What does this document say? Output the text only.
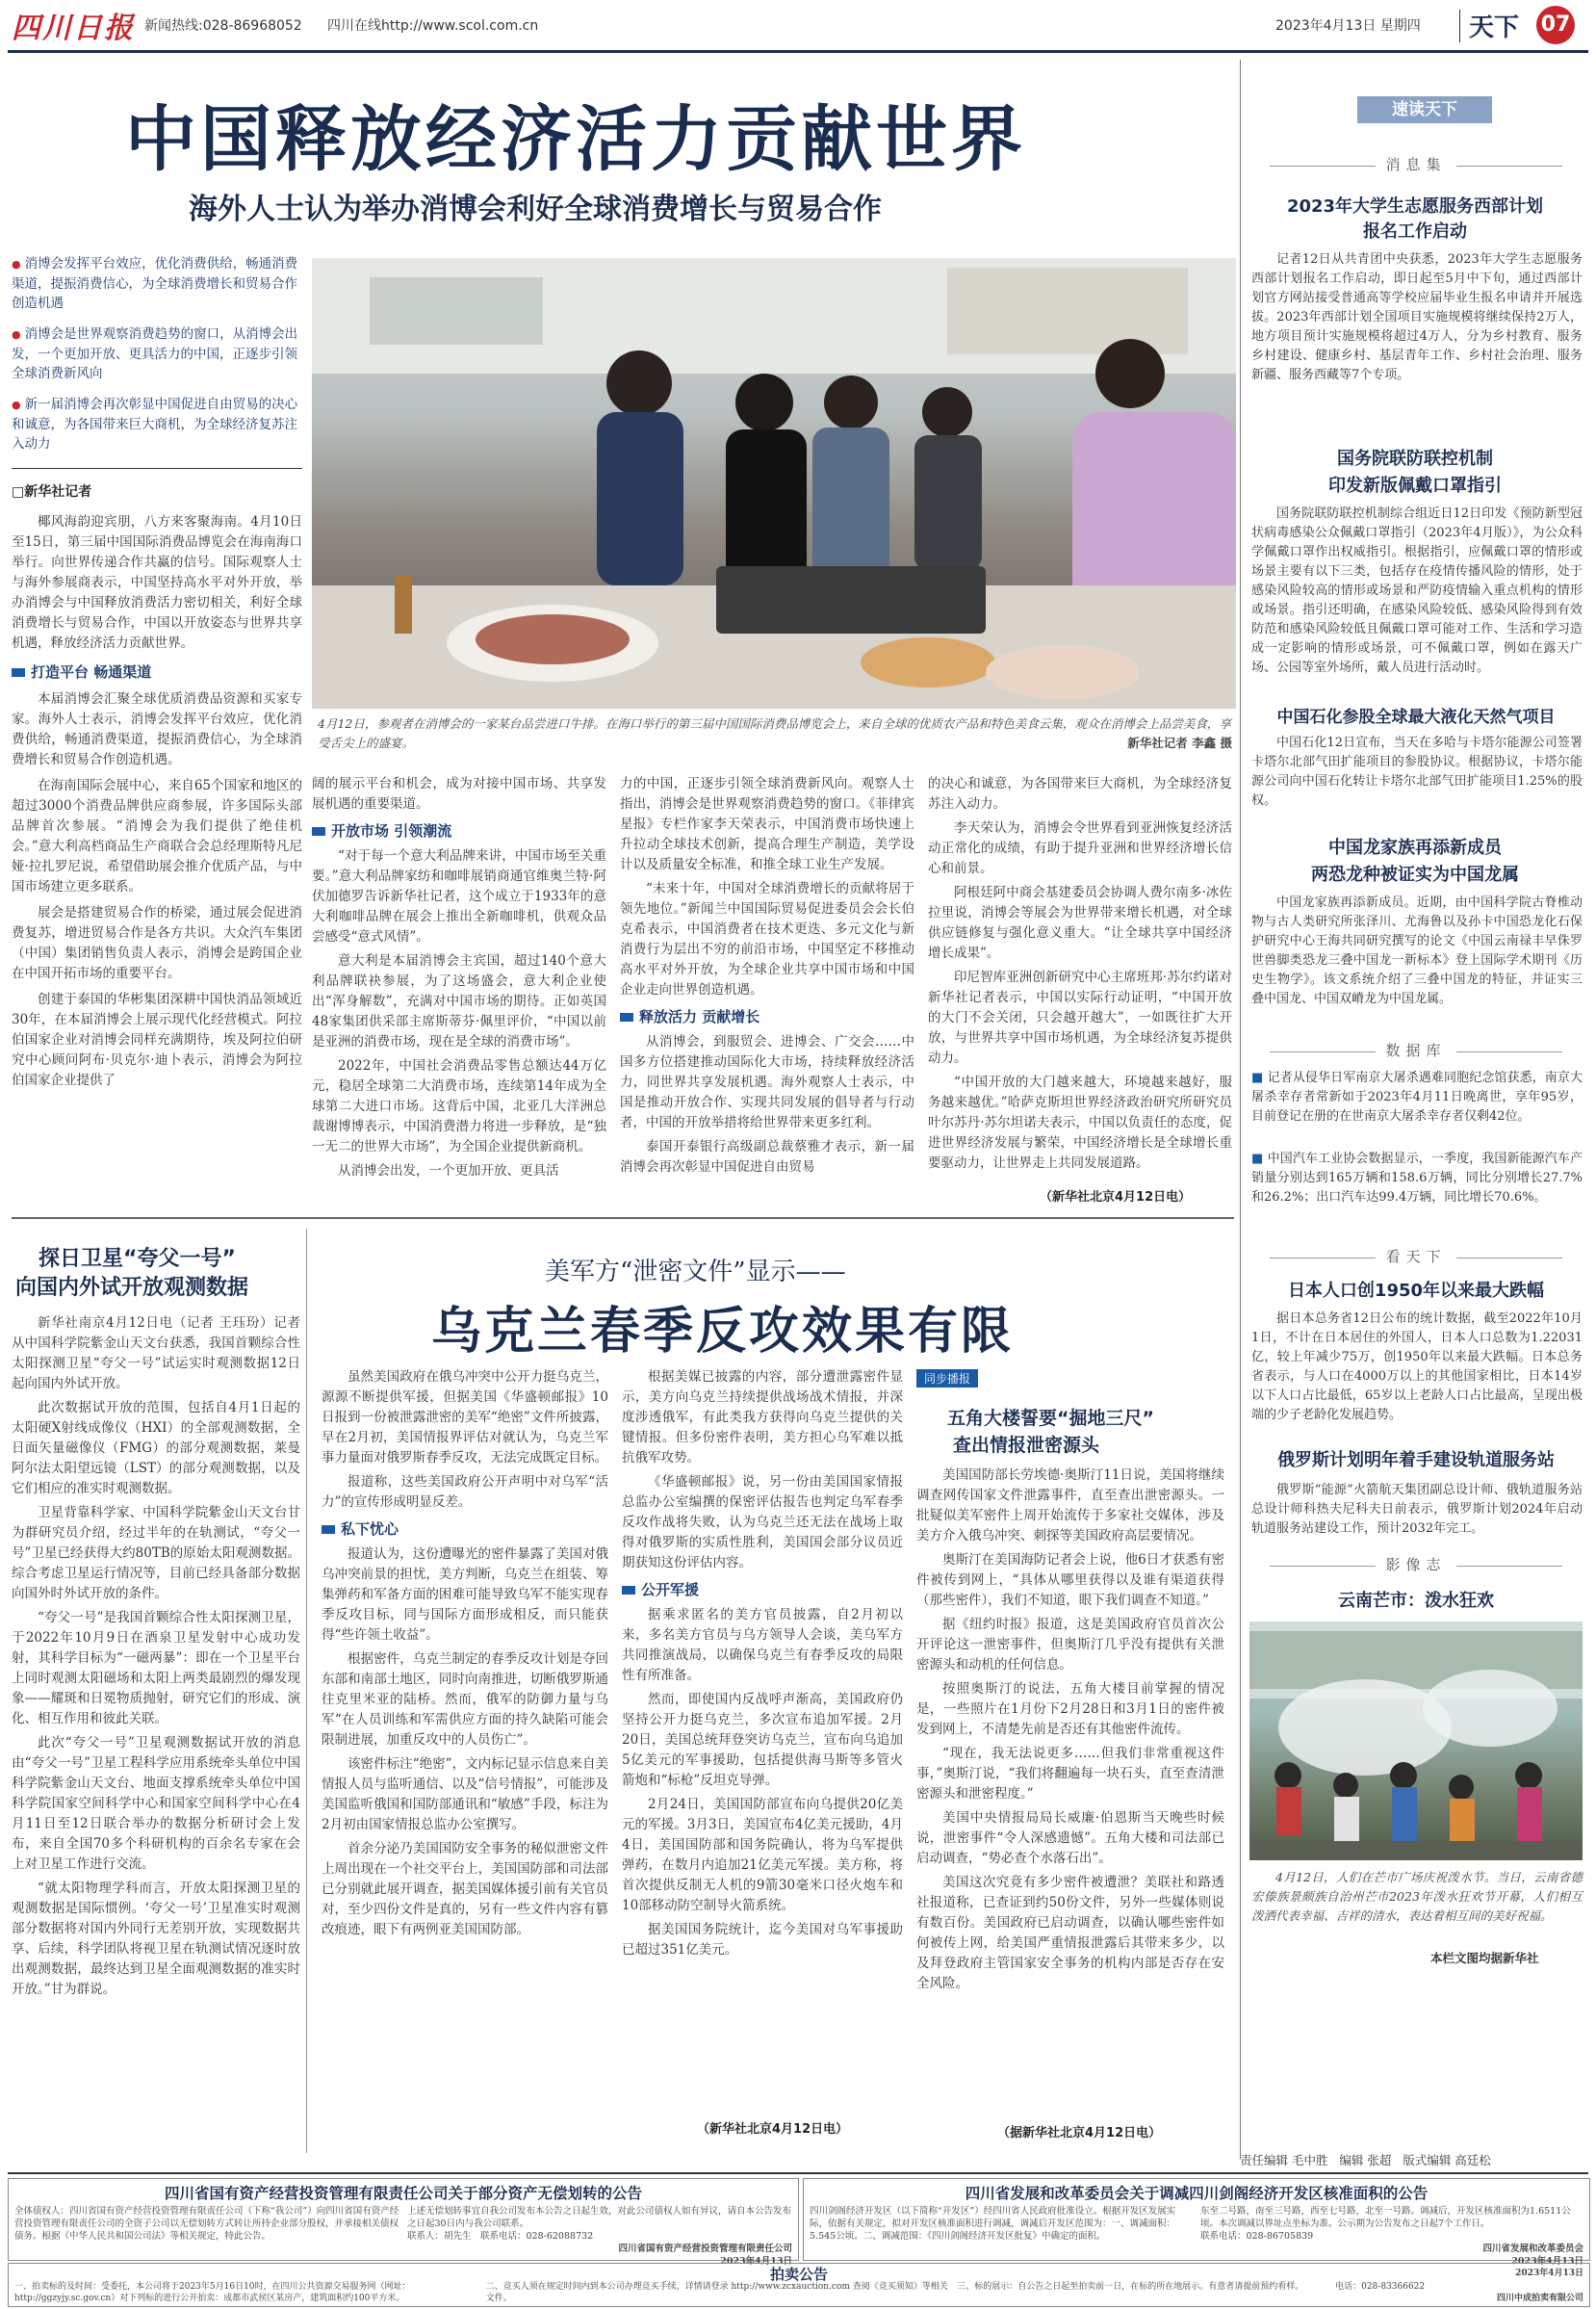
四川日报 新闻热线:028-86968052 四川在线http://www.scol.com.cn	2023年4月13日 星期四 天下 07
中国释放经济活力贡献世界
海外人士认为举办消博会利好全球消费增长与贸易合作
● 消博会发挥平台效应，优化消费供给，畅通消费渠道，提振消费信心，为全球消费增长和贸易合作创造机遇
● 消博会是世界观察消费趋势的窗口，从消博会出发，一个更加开放、更具活力的中国，正逐步引领全球消费新风向
● 新一届消博会再次彰显中国促进自由贸易的决心和诚意，为各国带来巨大商机，为全球经济复苏注入动力
□新华社记者

椰风海韵迎宾朋，八方来客聚海南。4月10日至15日，第三届中国国际消费品博览会在海南海口举行。向世界传递合作共赢的信号。国际观察人士与海外参展商表示，中国坚持高水平对外开放，举办消博会与中国释放消费活力密切相关，利好全球消费增长与贸易合作，中国以开放姿态与世界共享机遇，释放经济活力贡献世界。

打造平台 畅通渠道

本届消博会汇聚全球优质消费品资源和买家专家。海外人士表示，消博会发挥平台效应，优化消费供给，畅通消费渠道，提振消费信心，为全球消费增长和贸易合作创造机遇。

在海南国际会展中心，来自65个国家和地区的超过3000个消费品牌供应商参展，许多国际头部品牌首次参展。“消博会为我们提供了绝佳机会。”意大利高档商品生产商联合会总经理斯特凡尼娅·拉扎罗尼说，希望借助展会推介优质产品，与中国市场建立更多联系。

展会是搭建贸易合作的桥梁，通过展会促进消费复苏，增进贸易合作是各方共识。大众汽车集团（中国）集团销售负责人表示，消博会是跨国企业在中国开拓市场的重要平台。

创建于泰国的华彬集团深耕中国快消品领域近30年，在本届消博会上展示现代化经营模式。阿拉伯国家企业对消博会同样充满期待，埃及阿拉伯研究中心顾问阿布·贝克尔·迪卜表示，消博会为阿拉伯国家企业提供了

4月12日，参观者在消博会的一家某台品尝进口牛排。在海口举行的第三届中国国际消费品博览会上，来自全球的优质农产品和特色美食云集，观众在消博会上品尝美食，享受舌尖上的盛宴。	新华社记者 李鑫 摄

阔的展示平台和机会，成为对接中国市场、共享发展机遇的重要渠道。

开放市场 引领潮流

“对于每一个意大利品牌来讲，中国市场至关重要。”意大利品牌家纺和咖啡展销商通官维奥兰特·阿伏加德罗告诉新华社记者，这个成立于1933年的意大利咖啡品牌在展会上推出全新咖啡机，供观众品尝感受“意式风情”。

意大利是本届消博会主宾国，超过140个意大利品牌联袂参展，为了这场盛会，意大利企业使出“浑身解数”，充满对中国市场的期待。正如英国48家集团供采部主席斯蒂芬·佩里评价，“中国以前是亚洲的消费市场，现在是全球的消费市场”。

2022年，中国社会消费品零售总额达44万亿元，稳居全球第二大消费市场，连续第14年成为全球第二大进口市场。这背后中国，北亚几大洋洲总裁谢博博表示，中国消费潜力将进一步释放，是“独一无二的世界大市场”，为全国企业提供新商机。

从消博会出发，一个更加开放、更具活

力的中国，正逐步引领全球消费新风向。观察人士指出，消博会是世界观察消费趋势的窗口。《菲律宾星报》专栏作家李天荣表示，中国消费市场快速上升拉动全球技术创新，提高合理生产制造，美学设计以及质量安全标准，和推全球工业生产发展。

“未来十年，中国对全球消费增长的贡献将居于领先地位。”新闻兰中国国际贸易促进委员会会长伯克希表示，中国消费者在技术更迭、多元文化与新消费行为层出不穷的前沿市场，中国坚定不移推动高水平对外开放，为全球企业共享中国市场和中国企业走向世界创造机遇。

释放活力 贡献增长

从消博会，到服贸会、进博会、广交会……中国多方位搭建推动国际化大市场，持续释放经济活力，同世界共享发展机遇。海外观察人士表示，中国是推动开放合作、实现共同发展的倡导者与行动者，中国的开放举措将给世界带来更多红利。

泰国开泰银行高级副总裁蔡雅才表示，新一届消博会再次彰显中国促进自由贸易

的决心和诚意，为各国带来巨大商机，为全球经济复苏注入动力。

李天荣认为，消博会令世界看到亚洲恢复经济活动正常化的成绩，有助于提升亚洲和世界经济增长信心和前景。

阿根廷阿中商会基建委员会协调人费尔南多·冰佐拉里说，消博会等展会为世界带来增长机遇，对全球供应链修复与强化意义重大。“让全球共享中国经济增长成果”。

印尼智库亚洲创新研究中心主席班邦·苏尔约诺对新华社记者表示，中国以实际行动证明，“中国开放的大门不会关闭，只会越开越大”，一如既往扩大开放，与世界共享中国市场机遇，为全球经济复苏提供动力。

“中国开放的大门越来越大，环境越来越好，服务越来越优。”哈萨克斯坦世界经济政治研究所研究员叶尔苏丹·苏尔坦诺夫表示，中国以负责任的态度，促进世界经济发展与繁荣，中国经济增长是全球增长重要驱动力，让世界走上共同发展道路。

（新华社北京4月12日电）
探日卫星“夸父一号”
向国内外试开放观测数据

新华社南京4月12日电（记者 王珏玢）记者从中国科学院紫金山天文台获悉，我国首颗综合性太阳探测卫星“夸父一号”试运实时观测数据12日起向国内外试开放。

此次数据试开放的范围，包括自4月1日起的太阳硬X射线成像仪（HXI）的全部观测数据，全日面矢量磁像仪（FMG）的部分观测数据，莱曼阿尔法太阳望远镜（LST）的部分观测数据，以及它们相应的准实时观测数据。

卫星背靠科学家、中国科学院紫金山天文台甘为群研究员介绍，经过半年的在轨测试，“夸父一号”卫星已经获得大约80TB的原始太阳观测数据。综合考虑卫星运行情况等，目前已经具备部分数据向国外时外试开放的条件。

“夸父一号”是我国首颗综合性太阳探测卫星，于2022年10月9日在酒泉卫星发射中心成功发射，其科学目标为“一磁两暴”：即在一个卫星平台上同时观测太阳磁场和太阳上两类最剧烈的爆发现象——耀斑和日冕物质抛射，研究它们的形成、演化、相互作用和彼此关联。

此次“夸父一号”卫星观测数据试开放的消息由“夸父一号”卫星工程科学应用系统牵头单位中国科学院紫金山天文台、地面支撑系统牵头单位中国科学院国家空间科学中心和国家空间科学中心在4月11日至12日联合举办的数据分析研讨会上发布，来自全国70多个科研机构的百余名专家在会上对卫星工作进行交流。

“就太阳物理学科而言，开放太阳探测卫星的观测数据是国际惯例。‘夸父一号’卫星准实时观测部分数据将对国内外同行无差别开放，实现数据共享、后续，科学团队将视卫星在轨测试情况逐时放出观测数据，最终达到卫星全面观测数据的准实时开放。”甘为群说。

美军方“泄密文件”显示——
乌克兰春季反攻效果有限

虽然美国政府在俄乌冲突中公开力挺乌克兰，源源不断提供军援，但据美国《华盛顿邮报》10日报到一份被泄露泄密的美军“绝密”文件所披露，早在2月初，美国情报界评估对就认为，乌克兰军事力量面对俄罗斯春季反攻，无法完成既定目标。

报道称，这些美国政府公开声明中对乌军“活力”的宣传形成明显反差。

私下忧心

报道认为，这份遭曝光的密件暴露了美国对俄乌冲突前景的担忧，美方判断，乌克兰在组装、筹集弹药和军备方面的困难可能导致乌军不能实现春季反攻目标，同与国际方面形成相反，而只能获得“些许领土收益”。

根据密件，乌克兰制定的春季反攻计划是夺回东部和南部土地区，同时向南推进，切断俄罗斯通往克里米亚的陆桥。然而，俄军的防御力量与乌军“在人员训练和军需供应方面的持久缺陷可能会限制进展，加重反攻中的人员伤亡”。

该密件标注“绝密”，文内标记显示信息来自美情报人员与监听通信、以及“信号情报”，可能涉及美国监听俄国和国防部通讯和“敏感”手段，标注为2月初由国家情报总监办公室撰写。

首余分泌乃美国国防安全事务的秘似泄密文件上周出现在一个社交平台上，美国国防部和司法部已分别就此展开调查，据美国媒体援引前有关官员对，至少四份文件是真的，另有一些文件内容有篡改痕迹，眼下有两例亚美国国防部。

根据美媒已披露的内容，部分遭泄露密件显示，美方向乌克兰持续提供战场战术情报，并深度涉透俄军，有此类我方获得向乌克兰提供的关键情报。但多份密件表明，美方担心乌军难以抵抗俄军攻势。

《华盛顿邮报》说，另一份由美国国家情报总监办公室编撰的保密评估报告也判定乌军春季反攻作战将失败，认为乌克兰还无法在战场上取得对俄罗斯的实质性胜利，美国国会部分议员近期获知这份评估内容。

公开军援

据乘求匿名的美方官员披露，自2月初以来，多名美方官员与乌方领导人会谈，美乌军方共同推演战局，以确保乌克兰有春季反攻的局限性有所准备。

然而，即使国内反战呼声渐高，美国政府仍坚持公开力挺乌克兰，多次宣布追加军援。2月20日，美国总统拜登突访乌克兰，宣布向乌追加5亿美元的军事援助，包括提供海马斯等多管火箭炮和“标枪”反坦克导弹。

2月24日，美国国防部宣布向乌提供20亿美元的军援。3月3日，美国宣布4亿美元援助，4月4日，美国国防部和国务院确认，将为乌军提供弹药，在数月内追加21亿美元军援。美方称，将首次提供反制无人机的9箭30毫米口径火炮车和10部移动防空制导火箭系统。

据美国国务院统计，迄今美国对乌军事援助已超过351亿美元。

（新华社北京4月12日电）
同步播报
五角大楼誓要“掘地三尺”
查出情报泄密源头

美国国防部长劳埃德·奥斯汀11日说，美国将继续调查网传国家文件泄露事件，直至查出泄密源头。一批疑似美军密件上周开始流传于多家社交媒体，涉及美方介入俄乌冲突、刺探等美国政府高层要情况。

奥斯汀在美国海防记者会上说，他6日才获悉有密件被传到网上，“具体从哪里获得以及谁有渠道获得（那些密件），我们不知道，眼下我们调查不知道。”

据《纽约时报》报道，这是美国政府官员首次公开评论这一泄密事件，但奥斯汀几乎没有提供有关泄密源头和动机的任何信息。

按照奥斯汀的说法，五角大楼目前掌握的情况是，一些照片在1月份下2月28日和3月1日的密件被发到网上，不清楚先前是否还有其他密件流传。

“现在，我无法说更多……但我们非常重视这件事，”奥斯汀说，“我们将翻遍每一块石头，直至查清泄密源头和泄密程度。”

美国中央情报局局长威廉·伯恩斯当天晚些时候说，泄密事件“令人深感遗憾”。五角大楼和司法部已启动调查，“势必查个水落石出”。

美国这次究竟有多少密件被遭泄？美联社和路透社报道称，已查证到约50份文件，另外一些媒体则说有数百份。美国政府已启动调查，以确认哪些密件如何被传上网，给美国严重情报泄露后其带来多少，以及拜登政府主管国家安全事务的机构内部是否存在安全风险。

（据新华社北京4月12日电）
速读天下
消息集
2023年大学生志愿服务西部计划
报名工作启动

记者12日从共青团中央获悉，2023年大学生志愿服务西部计划报名工作启动，即日起至5月中下旬，通过西部计划官方网站接受普通高等学校应届毕业生报名申请并开展选拔。2023年西部计划全国项目实施规模将继续保持2万人，地方项目预计实施规模将超过4万人，分为乡村教育、服务乡村建设、健康乡村、基层青年工作、乡村社会治理、服务新疆、服务西藏等7个专项。

国务院联防联控机制
印发新版佩戴口罩指引

国务院联防联控机制综合组近日12日印发《预防新型冠状病毒感染公众佩戴口罩指引（2023年4月版）》，为公众科学佩戴口罩作出权威指引。根据指引，应佩戴口罩的情形或场景主要有以下三类，包括存在疫情传播风险的情形，处于感染风险较高的情形或场景和严防疫情输入重点机构的情形或场景。指引还明确，在感染风险较低、感染风险得到有效防范和感染风险较低且佩戴口罩可能对工作、生活和学习造成一定影响的情形或场景，可不佩戴口罩，例如在露天广场、公园等室外场所，戴人员进行活动时。

中国石化参股全球最大液化天然气项目

中国石化12日宣布，当天在多哈与卡塔尔能源公司签署卡塔尔北部气田扩能项目的参股协议。根据协议，卡塔尔能源公司向中国石化转让卡塔尔北部气田扩能项目1.25%的股权。

中国龙家族再添新成员
两恐龙种被证实为中国龙属

中国龙家族再添新成员。近期，由中国科学院古脊椎动物与古人类研究所张泽川、尤海鲁以及孙卡中国恐龙化石保护研究中心王海共同研究撰写的论文《中国云南禄丰早侏罗世兽脚类恐龙三叠中国龙一新标本》登上国际学术期刊《历史生物学》。该文系统介绍了三叠中国龙的特征，并证实三叠中国龙、中国双嵴龙为中国龙属。

数据库

■ 记者从侵华日军南京大屠杀遇难同胞纪念馆获悉，南京大屠杀幸存者常新如于2023年4月11日晚离世，享年95岁，目前登记在册的在世南京大屠杀幸存者仅剩42位。

■ 中国汽车工业协会数据显示，一季度，我国新能源汽车产销量分别达到165万辆和158.6万辆，同比分别增长27.7%和26.2%；出口汽车达99.4万辆，同比增长70.6%。

看天下
日本人口创1950年以来最大跌幅

据日本总务省12日公布的统计数据，截至2022年10月1日，不计在日本居住的外国人，日本人口总数为1.22031亿，较上年减少75万，创1950年以来最大跌幅。日本总务省表示，与人口在4000万以上的其他国家相比，日本14岁以下人口占比最低，65岁以上老龄人口占比最高，呈现出极端的少子老龄化发展趋势。

俄罗斯计划明年着手建设轨道服务站

俄罗斯“能源”火箭航天集团副总设计师、俄轨道服务站总设计师科热夫尼科夫日前表示，俄罗斯计划2024年启动轨道服务站建设工作，预计2032年完工。

影像志
云南芒市：泼水狂欢

4月12日，人们在芒市广场庆祝泼水节。当日，云南省德宏傣族景颇族自治州芒市2023年泼水狂欢节开幕，人们相互泼洒代表幸福、吉祥的清水，表达着相互间的美好祝福。

本栏文图均据新华社
责任编辑 毛中胜 编辑 张超 版式编辑 高廷松
四川省国有资产经营投资管理有限责任公司关于部分资产无偿划转的公告
全体债权人：四川省国有资产经营投资管理有限责任公司（下称“我公司”）向四川省国有资产经营投资管理有限责任公司的全资子公司以无偿划转方式转让所持企业部分股权，并承接相关债权债务。根据《中华人民共和国公司法》等相关规定，特此公告。
上述无偿划转事宜自我公司发布本公告之日起生效，对此公司债权人如有异议，请自本公告发布之日起30日内与我公司联系。
联系人：胡先生　联系电话：028-62088732
四川省国有资产经营投资管理有限责任公司
2023年4月13日
四川省发展和改革委员会关于调减四川剑阁经济开发区核准面积的公告
四川剑阁经济开发区（以下简称“开发区”）经四川省人民政府批准设立。根据开发区发展实际，依据有关规定，拟对开发区核准面积进行调减，调减后开发区范围为：一、调减面积：5.545公顷。二、调减范围：《四川剑阁经济开发区批复》中确定的面积。
东至二号路，南至三号路，西至七号路，北至一号路。调减后，开发区核准面积为1.6511公顷。本次调减以界址点坐标为准。公示期为公告发布之日起7个工作日。
联系电话：028-86705839
四川省发展和改革委员会
2023年4月13日
拍卖公告
一、拍卖标的及时间：受委托，本公司将于2023年5月16日10时，在四川公共资源交易服务网（网址：http://ggzyjy.sc.gov.cn）对下列标的进行公开拍卖：成都市武侯区某房产，建筑面积约100平方米。
二、竞买人须在规定时间内到本公司办理竞买手续，详情请登录 http://www.zcxauction.com 查阅《竞买须知》等相关文件。
三、标的展示：自公告之日起至拍卖前一日，在标的所在地展示。有意者请提前预约看样。	电话：028-83366622
四川中成拍卖有限公司
2023年4月13日
